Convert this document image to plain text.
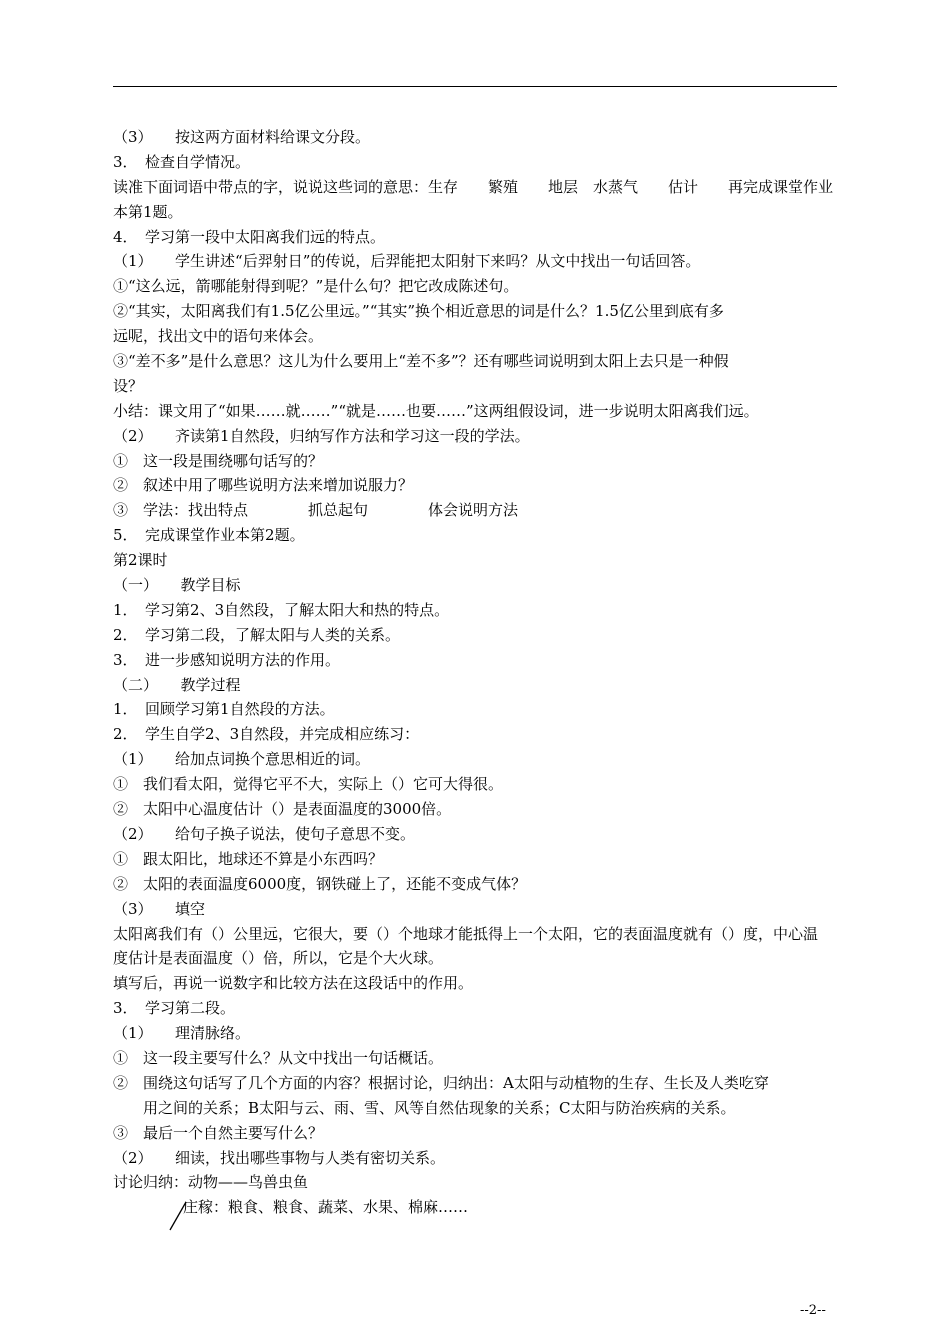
（3）　　按这两方面材料给课文分段。
3．　检查自学情况。
读准下面词语中带点的字，说说这些词的意思：生存　　繁殖　　地层　水蒸气　　估计　　再完成课堂作业
本第1题。
4．　学习第一段中太阳离我们远的特点。
（1）　　学生讲述“后羿射日”的传说，后羿能把太阳射下来吗？从文中找出一句话回答。
①“这么远，箭哪能射得到呢？”是什么句？把它改成陈述句。
②“其实，太阳离我们有1.5亿公里远。”“其实”换个相近意思的词是什么？1.5亿公里到底有多
远呢，找出文中的语句来体会。
③“差不多”是什么意思？这儿为什么要用上“差不多”？还有哪些词说明到太阳上去只是一种假
设？
小结：课文用了“如果……就……”“就是……也要……”这两组假设词，进一步说明太阳离我们远。
（2）　　齐读第1自然段，归纳写作方法和学习这一段的学法。
①　这一段是围绕哪句话写的？
②　叙述中用了哪些说明方法来增加说服力？
③　学法：找出特点　　　　抓总起句　　　　体会说明方法
5．　完成课堂作业本第2题。
第2课时
（一）　　教学目标
1．　学习第2、3自然段，了解太阳大和热的特点。
2．　学习第二段，了解太阳与人类的关系。
3．　进一步感知说明方法的作用。
（二）　　教学过程
1．　回顾学习第1自然段的方法。
2．　学生自学2、3自然段，并完成相应练习：
（1）　　给加点词换个意思相近的词。
①　我们看太阳，觉得它平不大，实际上（）它可大得很。
②　太阳中心温度估计（）是表面温度的3000倍。
（2）　　给句子换子说法，使句子意思不变。
①　跟太阳比，地球还不算是小东西吗？
②　太阳的表面温度6000度，钢铁碰上了，还能不变成气体？
（3）　　填空
太阳离我们有（）公里远，它很大，要（）个地球才能抵得上一个太阳，它的表面温度就有（）度，中心温
度估计是表面温度（）倍，所以，它是个大火球。
填写后，再说一说数字和比较方法在这段话中的作用。
3．　学习第二段。
（1）　　理清脉络。
①　这一段主要写什么？从文中找出一句话概话。
②　围绕这句话写了几个方面的内容？根据讨论，归纳出：A太阳与动植物的生存、生长及人类吃穿
用之间的关系；B太阳与云、雨、雪、风等自然估现象的关系；C太阳与防治疾病的关系。
③　最后一个自然主要写什么？
（2）　　细读，找出哪些事物与人类有密切关系。
讨论归纳：动物——鸟兽虫鱼
庄稼：粮食、粮食、蔬菜、水果、棉麻……
--2--
